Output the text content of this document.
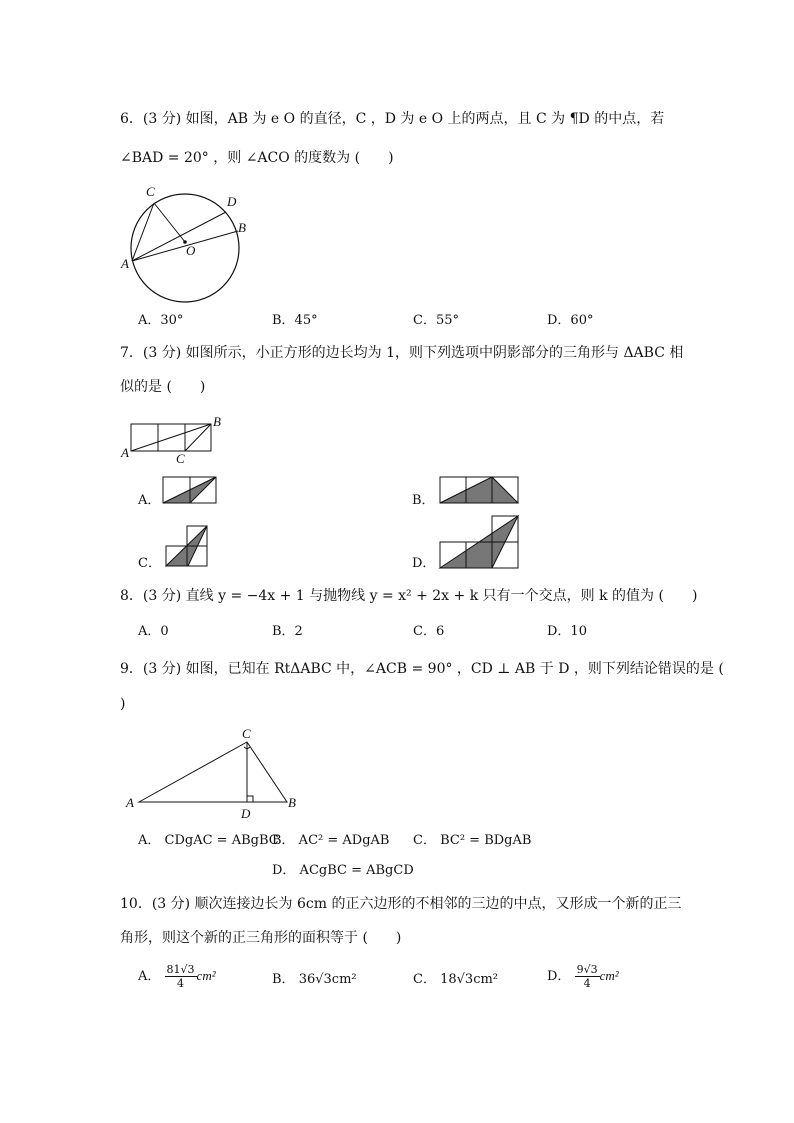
6．(3 分) 如图，AB 为 e O 的直径，C ，D 为 e O 上的两点，且 C 为 ¶D 的中点，若
∠BAD = 20° ，则 ∠ACO 的度数为 (　　)
C
D
B
A
O
A．30°	B．45°	C．55°	D．60°
7．(3 分) 如图所示，小正方形的边长均为 1，则下列选项中阴影部分的三角形与 ΔABC 相
似的是 (　　)
B
A	C
A．	B．
C．	D．
8．(3 分) 直线 y = −4x + 1 与抛物线 y = x² + 2x + k 只有一个交点，则 k 的值为 (　　)
A．0	B．2	C．6	D．10
9．(3 分) 如图，已知在 RtΔABC 中，∠ACB = 90° ，CD ⊥ AB 于 D ，则下列结论错误的是 (
)
C
A	B
D
A． CDgAC = ABgBC
B． AC² = ADgAB C． BC² = BDgAB
D． ACgBC = ABgCD
10．(3 分) 顺次连接边长为 6cm 的正六边形的不相邻的三边的中点，又形成一个新的正三
角形，则这个新的正三角形的面积等于 (　　)
A． $\frac{81√3}{4} cm^2$	B． 36√3cm²	C． 18√3cm²	D． $\frac{9√3}{4} cm^2$
